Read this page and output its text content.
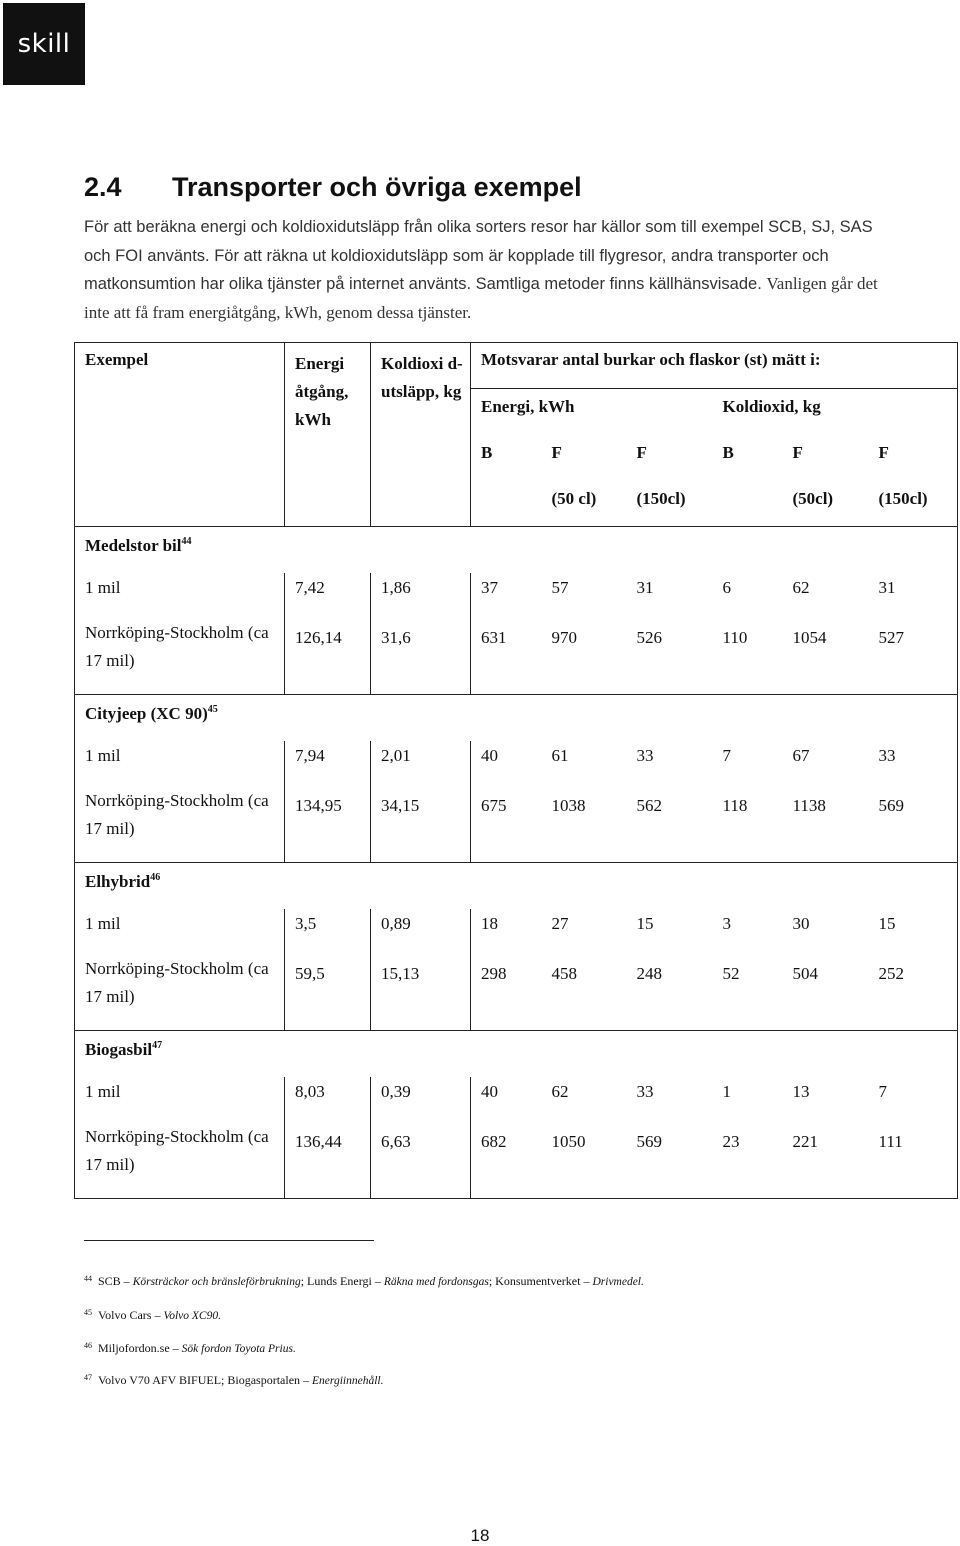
skill
2.4 Transporter och övriga exempel

För att beräkna energi och koldioxidutsläpp från olika sorters resor har källor som till exempel SCB, SJ, SAS och FOI använts. För att räkna ut koldioxidutsläpp som är kopplade till flygresor, andra transporter och matkonsumtion har olika tjänster på internet använts. Samtliga metoder finns källhänsvisade. Vanligen går det inte att få fram energiåtgång, kWh, genom dessa tjänster.

Exempel	Energi åtgång, kWh	Koldioxi d- utsläpp, kg	Motsvarar antal burkar och flaskor (st) mätt i:					
			Energi, kWh			Koldioxid, kg		
			B	F	F	B	F	F
				(50 cl)	(150cl)		(50cl)	(150cl)
Medelstor bil$^{44}$
1 mil	7,42	1,86	37	57	31	6	62	31
Norrköping-Stockholm (ca 17 mil)	126,14	31,6	631	970	526	110	1054	527
Cityjeep (XC 90)$^{45}$
1 mil	7,94	2,01	40	61	33	7	67	33
Norrköping-Stockholm (ca 17 mil)	134,95	34,15	675	1038	562	118	1138	569
Elhybrid$^{46}$
1 mil	3,5	0,89	18	27	15	3	30	15
Norrköping-Stockholm (ca 17 mil)	59,5	15,13	298	458	248	52	504	252
Biogasbil$^{47}$
1 mil	8,03	0,39	40	62	33	1	13	7
Norrköping-Stockholm (ca 17 mil)	136,44	6,63	682	1050	569	23	221	111
$^{44}$ SCB – Körsträckor och bränsleförbrukning; Lunds Energi – Räkna med fordonsgas; Konsumentverket – Drivmedel.
$^{45}$ Volvo Cars – Volvo XC90.
$^{46}$ Miljofordon.se – Sök fordon Toyota Prius.
$^{47}$ Volvo V70 AFV BIFUEL; Biogasportalen – Energiinnehåll.
18
